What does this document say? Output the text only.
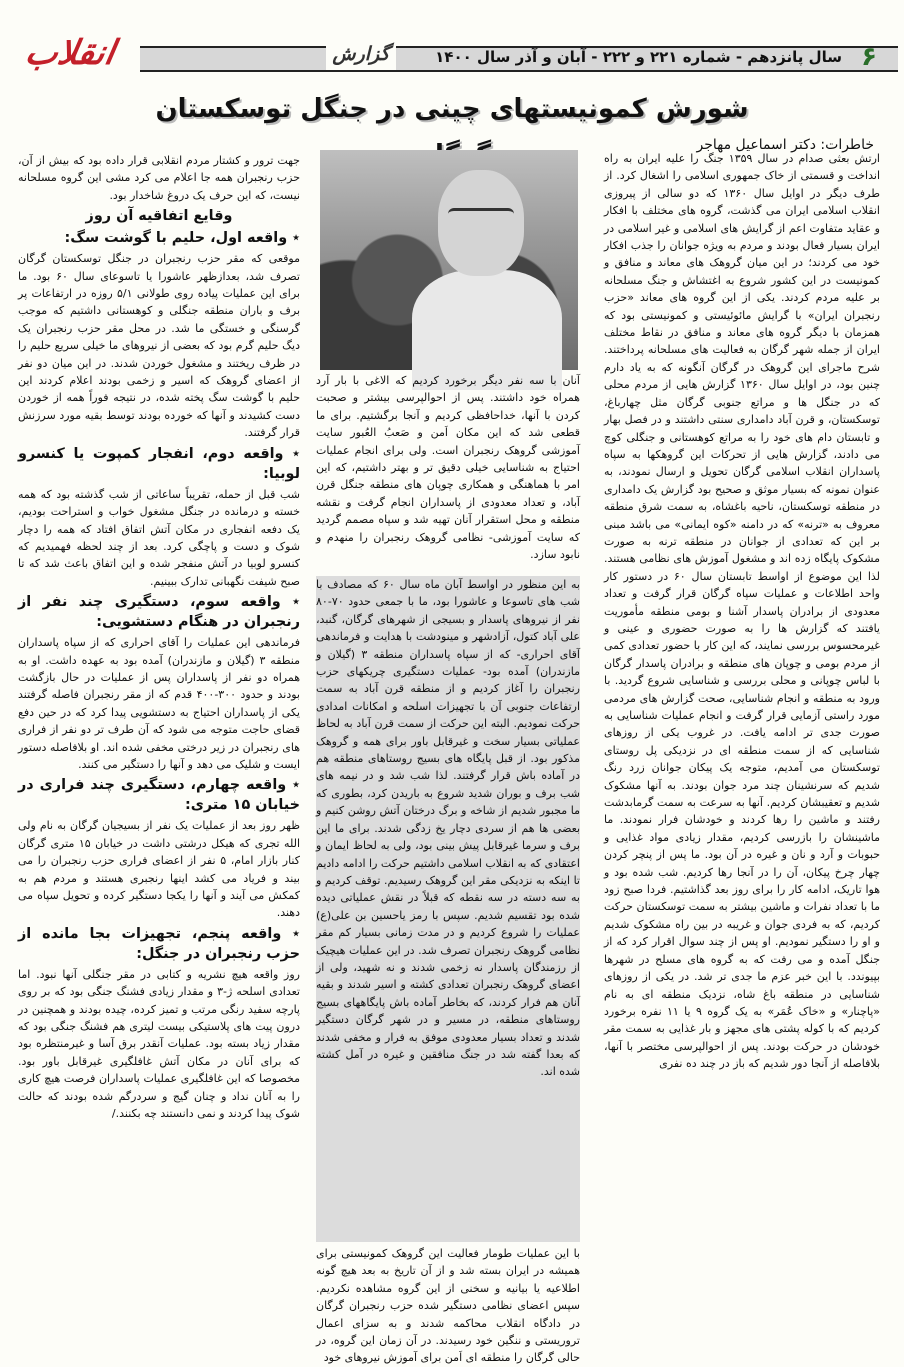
۶
سال پانزدهم - شماره ۲۲۱ و ۲۲۲ - آبان و آذر سال ۱۴۰۰
گزارش
انقلاب
شورش کمونیستهای چینی در جنگل توسکستان
خاطرات: دکتر اسماعیل مهاجر

ارتش بعثی صدام در سال ۱۳۵۹ جنگ را علیه ایران به راه انداخت و قسمتی از خاک جمهوری اسلامی را اشغال کرد. از طرف دیگر در اوایل سال ۱۳۶۰ که دو سالی از پیروزی انقلاب اسلامی ایران می گذشت، گروه های مختلف با افکار و عقاید متفاوت اعم از گرایش های اسلامی و غیر اسلامی در ایران بسیار فعال بودند و مردم به ویژه جوانان را جذب افکار خود می کردند؛ در این میان گروهک های معاند و منافق و کمونیست در این کشور شروع به اغتشاش و جنگ مسلحانه بر علیه مردم کردند. یکی از این گروه های معاند «حزب رنجبران ایران» با گرایش مائوئیستی و کمونیستی بود که همزمان با دیگر گروه های معاند و منافق در نقاط مختلف ایران از جمله شهر گرگان به فعالیت های مسلحانه پرداختند. شرح ماجرای این گروهک در گرگان آنگونه که به یاد دارم چنین بود، در اوایل سال ۱۳۶۰ گزارش هایی از مردم محلی که در جنگل ها و مراتع جنوبی گرگان مثل چهارباغ، توسکستان، و قرن آباد دامداری سنتی داشتند و در فصل بهار و تابستان دام های خود را به مراتع کوهستانی و جنگلی کوچ می دادند، گزارش هایی از تحرکات این گروهکها به سپاه پاسداران انقلاب اسلامی گرگان تحویل و ارسال نمودند، به عنوان نمونه که بسیار موثق و صحیح بود گزارش یک دامداری در منطقه توسکستان، ناحیه باغشاه، به سمت شرق منطقه معروف به «ترنه» که در دامنه «کوه ایمانی» می باشد مبنی بر این که تعدادی از جوانان در منطقه ترنه به صورت مشکوک پایگاه زده اند و مشغول آموزش های نظامی هستند. لذا این موضوع از اواسط تابستان سال ۶۰ در دستور کار واحد اطلاعات و عملیات سپاه گرگان قرار گرفت و تعداد معدودی از برادران پاسدار آشنا و بومی منطقه مأموریت یافتند که گزارش ها را به صورت حضوری و عینی و غیرمحسوس بررسی نمایند، که این کار با حضور تعدادی کمی از مردم بومی و چوپان های منطقه و برادران پاسدار گرگان با لباس چوپانی و محلی بررسی و شناسایی شروع گردید. با ورود به منطقه و انجام شناسایی، صحت گزارش های مردمی مورد راستی آزمایی قرار گرفت و انجام عملیات شناسایی به صورت جدی تر ادامه یافت. در غروب یکی از روزهای شناسایی که از سمت منطقه ای در نزدیکی پل روستای توسکستان می آمدیم، متوجه یک پیکان جوانان زرد رنگ شدیم که سرنشینان چند مرد جوان بودند. به آنها مشکوک شدیم و تعقیبشان کردیم. آنها به سرعت به سمت گرمابدشت رفتند و ماشین را رها کردند و خودشان فرار نمودند. ما ماشینشان را بازرسی کردیم، مقدار زیادی مواد غذایی و حبوبات و آرد و نان و غیره در آن بود. ما پس از پنچر کردن چهار چرخ پیکان، آن را در آنجا رها کردیم. شب شده بود و هوا تاریک، ادامه کار را برای روز بعد گذاشتیم. فردا صبح زود ما با تعداد نفرات و ماشین بیشتر به سمت توسکستان حرکت کردیم، که به فردی جوان و غریبه در بین راه مشکوک شدیم و او را دستگیر نمودیم. او پس از چند سوال اقرار کرد که از جنگل آمده و می رفت که به گروه های مسلح در شهرها بپیوندد. با این خبر عزم ما جدی تر شد. در یکی از روزهای شناسایی در منطقه باغ شاه، نزدیک منطقه ای به نام «پاچنار» و «خاک عُمَر» به یک گروه ۹ یا ۱۱ نفره برخورد کردیم که با کوله پشتی های مجهز و بار غذایی به سمت مقر خودشان در حرکت بودند. پس از احوالپرسی مختصر با آنها، بلافاصله از آنجا دور شدیم که باز در چند ده نفری

آنان با سه نفر دیگر برخورد کردیم که الاغی با بار آرد همراه خود داشتند. پس از احوالپرسی بیشتر و صحبت کردن با آنها، خداحافظی کردیم و آنجا برگشتیم. برای ما قطعی شد که این مکان اَمن و صَعبُ العُبور سایت آموزشی گروهک رنجبران است. ولی برای انجام عملیات احتیاج به شناسایی خیلی دقیق تر و بهتر داشتیم، که این امر با هماهنگی و همکاری چوپان های منطقه جنگل قرن آباد، و تعداد معدودی از پاسداران انجام گرفت و نقشه منطقه و محل استقرار آنان تهیه شد و سپاه مصمم گردید که سایت آموزشی- نظامی گروهک رنجبران را منهدم و نابود سازد.

به این منظور در اواسط آبان ماه سال ۶۰ که مصادف با شب های تاسوعا و عاشورا بود، ما با جمعی حدود ۷۰-۸۰ نفر از نیروهای پاسدار و بسیجی از شهرهای گرگان، گنبد، علی آباد کتول، آزادشهر و مینودشت با هدایت و فرماندهی آقای احراری- که از سپاه پاسداران منطقه ۳ (گیلان و مازندران) آمده بود- عملیات دستگیری چریکهای حزب رنجبران را آغاز کردیم و از منطقه قرن آباد به سمت ارتفاعات جنوبی آن با تجهیزات اسلحه و امکانات امدادی حرکت نمودیم. البته این حرکت از سمت قرن آباد به لحاظ عملیاتی بسیار سخت و غیرقابل باور برای همه و گروهک مذکور بود. از قبل پایگاه های بسیج روستاهای منطقه هم در آماده باش قرار گرفتند. لذا شب شد و در نیمه های شب برف و بوران شدید شروع به باریدن کرد، بطوری که ما مجبور شدیم از شاخه و برگ درختان آتش روشن کنیم و بعضی ها هم از سردی دچار یخ زدگی شدند. برای ما این برف و سرما غیرقابل پیش بینی بود، ولی به لحاظ ایمان و اعتقادی که به انقلاب اسلامی داشتیم حرکت را ادامه دادیم تا اینکه به نزدیکی مقر این گروهک رسیدیم. توقف کردیم و به سه دسته در سه نقطه که قبلاً در نقش عملیاتی دیده شده بود تقسیم شدیم. سپس با رمز یاحسین بن علی(ع) عملیات را شروع کردیم و در مدت زمانی بسیار کم مقر نظامی گروهک رنجبران تصرف شد. در این عملیات هیچیک از رزمندگان پاسدار نه زخمی شدند و نه شهید، ولی از اعضای گروهک رنجبران تعدادی کشته و اسیر شدند و بقیه آنان هم فرار کردند، که بخاطر آماده باش پایگاههای بسیج روستاهای منطقه، در مسیر و در شهر گرگان دستگیر شدند و تعداد بسیار معدودی موفق به فرار و مخفی شدند که بعدا گفته شد در جنگ منافقین و غیره در آمل کشته شده اند.

با این عملیات طومار فعالیت این گروهک کمونیستی برای همیشه در ایران بسته شد و از آن تاریخ به بعد هیچ گونه اطلاعیه یا بیانیه و سخنی از این گروه مشاهده نکردیم. سپس اعضای نظامی دستگیر شده حزب رنجبران گرگان در دادگاه انقلاب محاکمه شدند و به سزای اعمال تروریستی و ننگین خود رسیدند. در آن زمان این گروه، در حالی گرگان را منطقه ای اَمن برای آموزش نیروهای خود

جهت ترور و کشتار مردم انقلابی قرار داده بود که بیش از آن، حزب رنجبران همه جا اعلام می کرد مشی این گروه مسلحانه نیست، که این حرف یک دروغ شاخدار بود.

وقایع اتفاقیه آن روز
٭ واقعه اول، حلیم با گوشت سگ:

موقعی که مقر حزب رنجبران در جنگل توسکستان گرگان تصرف شد، بعدازظهر عاشورا یا تاسوعای سال ۶۰ بود. ما برای این عملیات پیاده روی طولانی ۵/۱ روزه در ارتفاعات پر برف و باران منطقه جنگلی و کوهستانی داشتیم که موجب گرسنگی و خستگی ما شد. در محل مقر حزب رنجبران یک دیگ حلیم گرم بود که بعضی از نیروهای ما خیلی سریع حلیم را در ظرف ریختند و مشغول خوردن شدند. در این میان دو نفر از اعضای گروهک که اسیر و زخمی بودند اعلام کردند این حلیم با گوشت سگ پخته شده، در نتیجه فوراً همه از خوردن دست کشیدند و آنها که خورده بودند توسط بقیه مورد سرزنش قرار گرفتند.

٭ واقعه دوم، انفجار کمپوت یا کنسرو لوبیا:

شب قبل از حمله، تقریباً ساعاتی از شب گذشته بود که همه خسته و درمانده در جنگل مشغول خواب و استراحت بودیم، یک دفعه انفجاری در مکان آتش اتفاق افتاد که همه را دچار شوک و دست و پاچگی کرد. بعد از چند لحظه فهمیدیم که کنسرو لوبیا در آتش منفجر شده و این اتفاق باعث شد که تا صبح شیفت نگهبانی تدارک ببینیم.

٭ واقعه سوم، دستگیری چند نفر از رنجبران در هنگام دستشویی:

فرماندهی این عملیات را آقای احراری که از سپاه پاسداران منطقه ۳ (گیلان و مازندران) آمده بود به عهده داشت. او به همراه دو نفر از پاسداران پس از عملیات در حال بازگشت بودند و حدود ۳۰۰-۴۰۰ قدم که از مقر رنجبران فاصله گرفتند یکی از پاسداران احتیاج به دستشویی پیدا کرد که در حین دفع قضای حاجت متوجه می شود که آن طرف تر دو نفر از فراری های رنجبران در زیر درختی مخفی شده اند. او بلافاصله دستور ایست و شلیک می دهد و آنها را دستگیر می کنند.

٭ واقعه چهارم، دستگیری چند فراری در خیابان ۱۵ متری:

ظهر روز بعد از عملیات یک نفر از بسیجیان گرگان به نام ولی الله تجری که هیکل درشتی داشت در خیابان ۱۵ متری گرگان کنار بازار امام، ۵ نفر از اعضای فراری حزب رنجبران را می بیند و فریاد می کشد اینها رنجبری هستند و مردم هم به کمکش می آیند و آنها را یکجا دستگیر کرده و تحویل سپاه می دهند.

٭ واقعه پنجم، تجهیزات بجا مانده از حزب رنجبران در جنگل:

روز واقعه هیچ نشریه و کتابی در مقر جنگلی آنها نبود. اما تعدادی اسلحه ژ-۳ و مقدار زیادی فشنگ جنگی بود که بر روی پارچه سفید رنگی مرتب و تمیز کرده، چیده بودند و همچنین در درون پیت های پلاستیکی بیست لیتری هم فشنگ جنگی بود که مقدار زیاد بسته بود. عملیات آنقدر برق آسا و غیرمنتظره بود که برای آنان در مکان آتش غافلگیری غیرقابل باور بود. مخصوصا که این غافلگیری عملیات پاسداران فرصت هیچ کاری را به آنان نداد و چنان گیج و سردرگم شده بودند که حالت شوک پیدا کردند و نمی دانستند چه بکنند./
